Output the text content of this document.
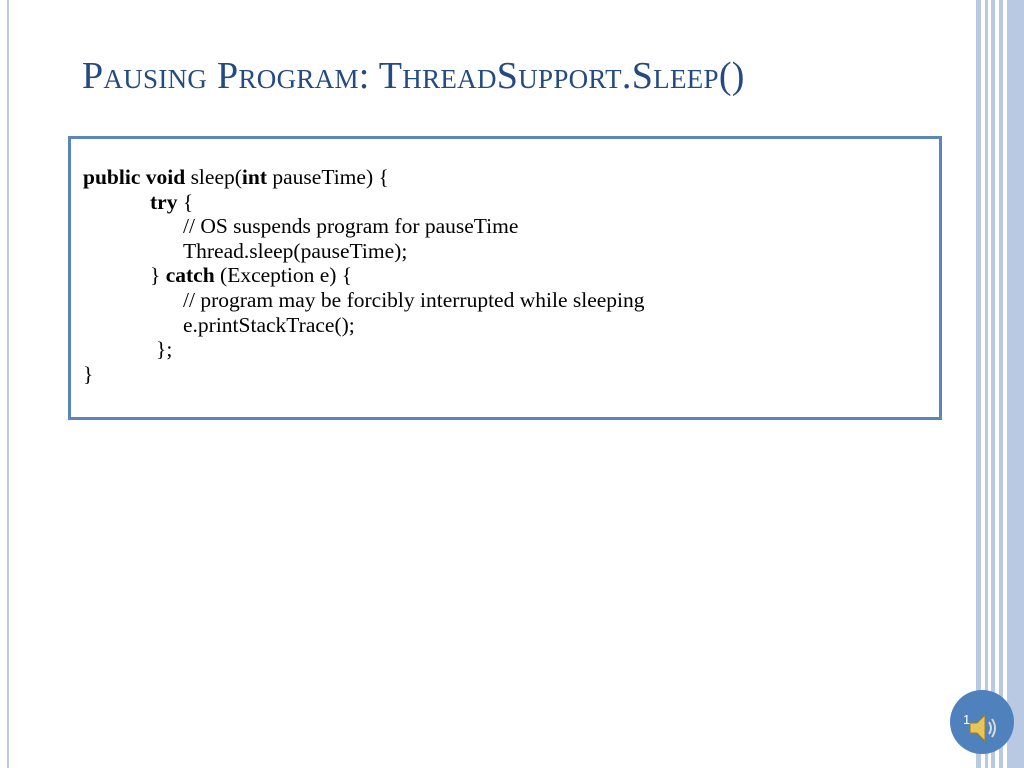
Pausing Program: ThreadSupport.Sleep()
public void sleep(int pauseTime) {
try {
// OS suspends program for pauseTime
Thread.sleep(pauseTime);
} catch (Exception e) {
// program may be forcibly interrupted while sleeping
e.printStackTrace();
};
}
1
